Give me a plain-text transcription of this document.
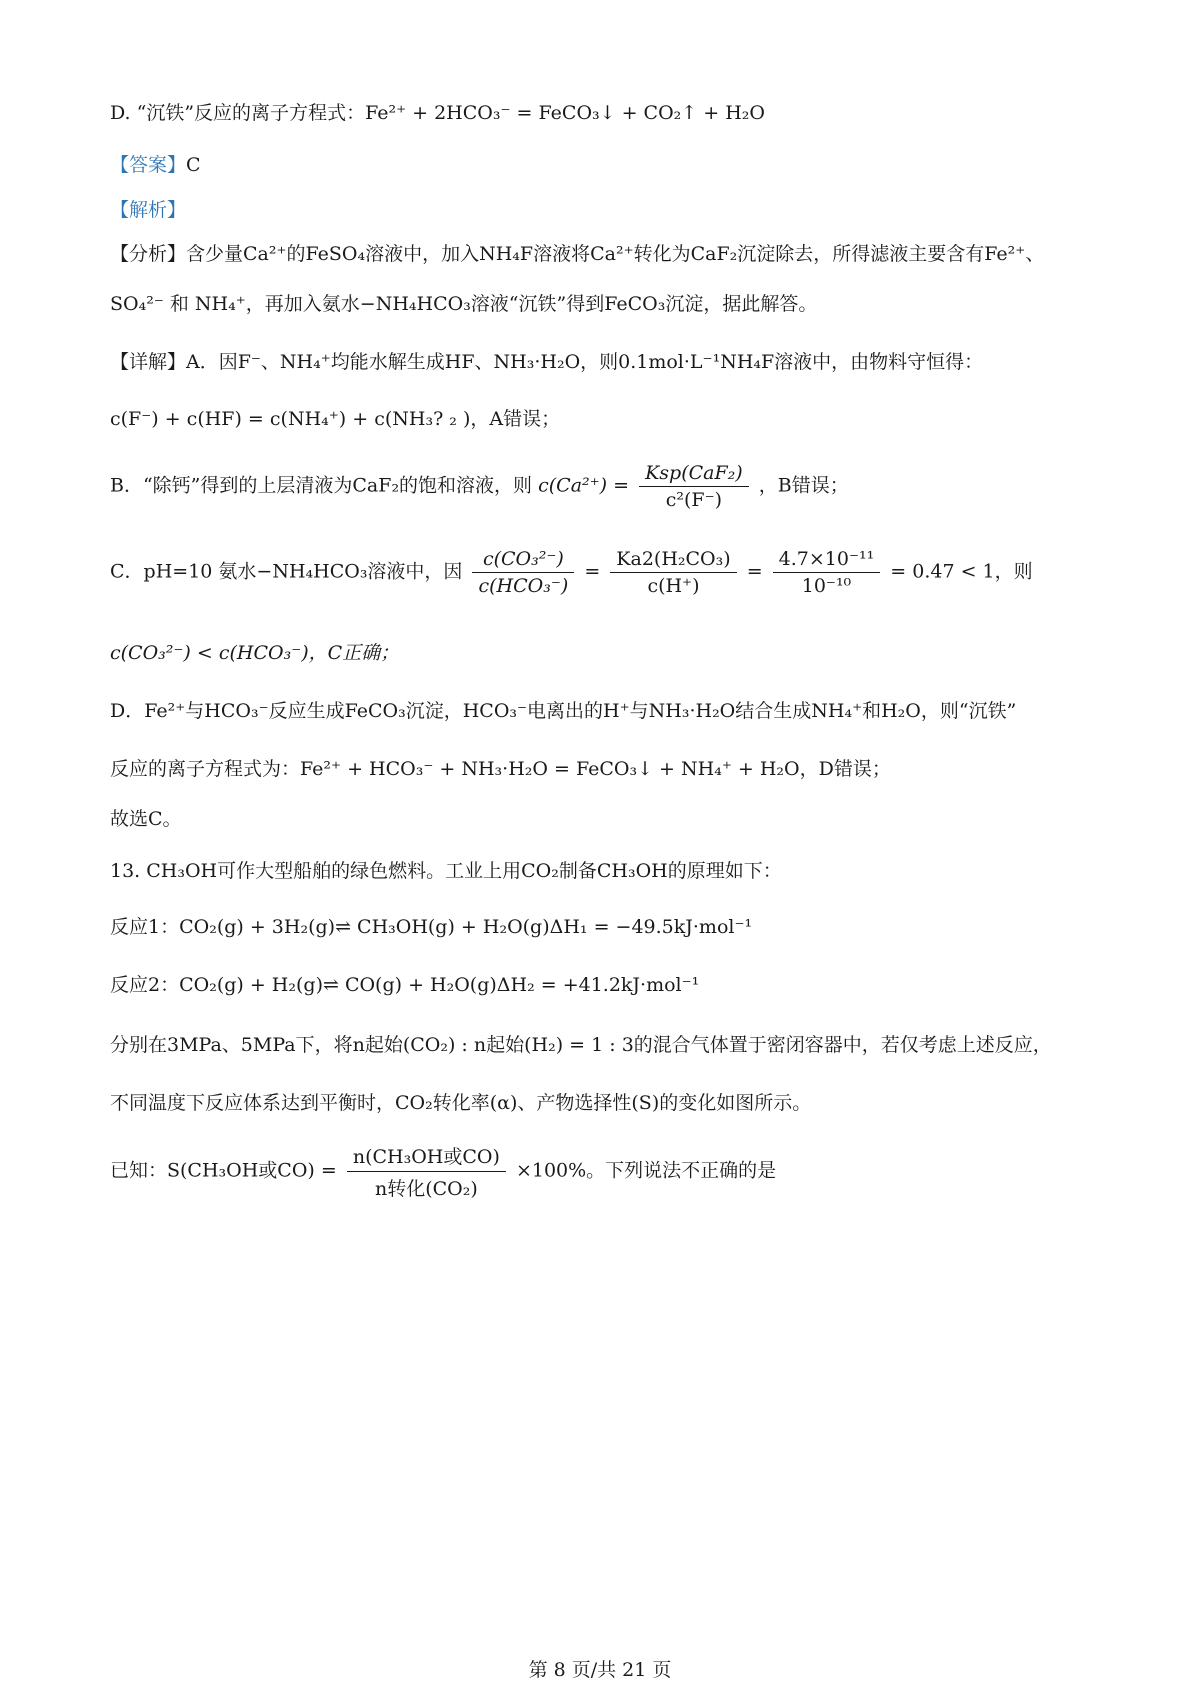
D. “沉铁”反应的离子方程式：Fe²⁺ + 2HCO₃⁻ = FeCO₃↓ + CO₂↑ + H₂O
【答案】C
【解析】
【分析】含少量Ca²⁺的FeSO₄溶液中，加入NH₄F溶液将Ca²⁺转化为CaF₂沉淀除去，所得滤液主要含有Fe²⁺、
SO₄²⁻ 和 NH₄⁺，再加入氨水−NH₄HCO₃溶液“沉铁”得到FeCO₃沉淀，据此解答。
【详解】A．因F⁻、NH₄⁺均能水解生成HF、NH₃·H₂O，则0.1mol·L⁻¹NH₄F溶液中，由物料守恒得：
c(F⁻) + c(HF) = c(NH₄⁺) + c(NH₃? ₂ )，A错误；
B．“除钙”得到的上层清液为CaF₂的饱和溶液，则 $c(Ca^{2+}) = \frac{\text{Ksp(CaF₂)}}{\text{c²(F⁻)}}$ ，B错误；
C．pH=10 氨水−NH₄HCO₃溶液中，因 $\frac{\text{c(CO₃²⁻)}}{\text{c(HCO₃⁻)}} = \frac{\text{Ka2(H₂CO₃)}}{c(H^+)} = \frac{\text{4.7×10⁻¹¹}}{\text{10⁻¹⁰}} = 0.47 < 1$，则
c(CO₃²⁻) < c(HCO₃⁻)，C正确；
D．Fe²⁺与HCO₃⁻反应生成FeCO₃沉淀，HCO₃⁻电离出的H⁺与NH₃·H₂O结合生成NH₄⁺和H₂O，则“沉铁”
反应的离子方程式为：Fe²⁺ + HCO₃⁻ + NH₃·H₂O = FeCO₃↓ + NH₄⁺ + H₂O，D错误；
故选C。
13. CH₃OH可作大型船舶的绿色燃料。工业上用CO₂制备CH₃OH的原理如下：
反应1：CO₂(g) + 3H₂(g)⇌ CH₃OH(g) + H₂O(g)ΔH₁ = −49.5kJ·mol⁻¹
反应2：CO₂(g) + H₂(g)⇌ CO(g) + H₂O(g)ΔH₂ = +41.2kJ·mol⁻¹
分别在3MPa、5MPa下，将n起始(CO₂) : n起始(H₂) = 1 : 3的混合气体置于密闭容器中，若仅考虑上述反应，
不同温度下反应体系达到平衡时，CO₂转化率(α)、产物选择性(S)的变化如图所示。
已知：S(CH₃OH或$CO) = \frac{\text{n(CH₃OH或CO)}}{\text{n转化(CO₂)}} \times 100\%$。下列说法不正确的是
第 8 页/共 21 页
